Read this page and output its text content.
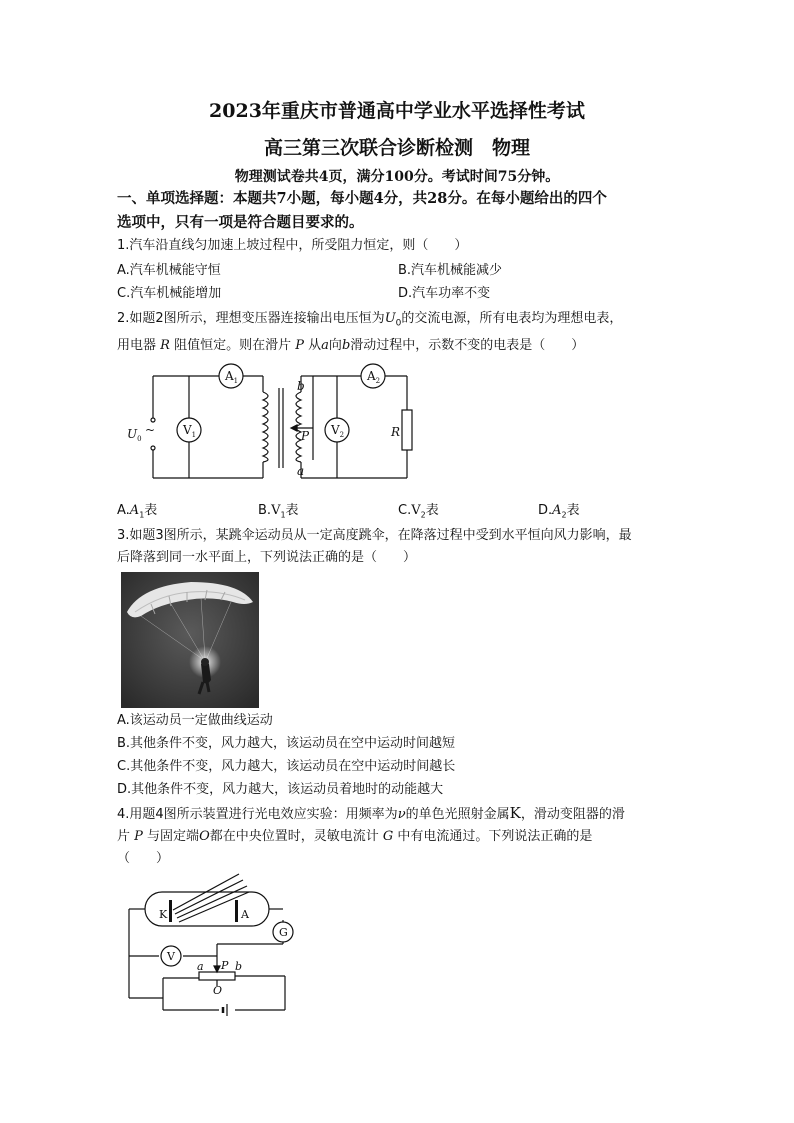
2023年重庆市普通高中学业水平选择性考试
高三第三次联合诊断检测　物理
物理测试卷共4页，满分100分。考试时间75分钟。
一、单项选择题：本题共7小题，每小题4分，共28分。在每小题给出的四个
选项中，只有一项是符合题目要求的。
1.汽车沿直线匀加速上坡过程中，所受阻力恒定，则（　　）
A.汽车机械能守恒	B.汽车机械能减少
C.汽车机械能增加	D.汽车功率不变
2.如题2图所示，理想变压器连接输出电压恒为$U_0$的交流电源，所有电表均为理想电表，
用电器 R 阻值恒定。则在滑片 P 从a向b滑动过程中，示数不变的电表是（　　）
$A_1$
$V_1$
$A_2$
$V_2$
$U_0$
~
b
a
P	R
$A.A_1$表	$B.V_1$表	$C.V_2$表	$D.A_2$表
3.如题3图所示，某跳伞运动员从一定高度跳伞，在降落过程中受到水平恒向风力影响，最
后降落到同一水平面上，下列说法正确的是（　　）
A.该运动员一定做曲线运动
B.其他条件不变，风力越大，该运动员在空中运动时间越短
C.其他条件不变，风力越大，该运动员在空中运动时间越长
D.其他条件不变，风力越大，该运动员着地时的动能越大
4.用题4图所示装置进行光电效应实验：用频率为ν的单色光照射金属K，滑动变阻器的滑
片 P 与固定端O都在中央位置时，灵敏电流计 G 中有电流通过。下列说法正确的是
（　　）
K	A
G
V
a P b
O
